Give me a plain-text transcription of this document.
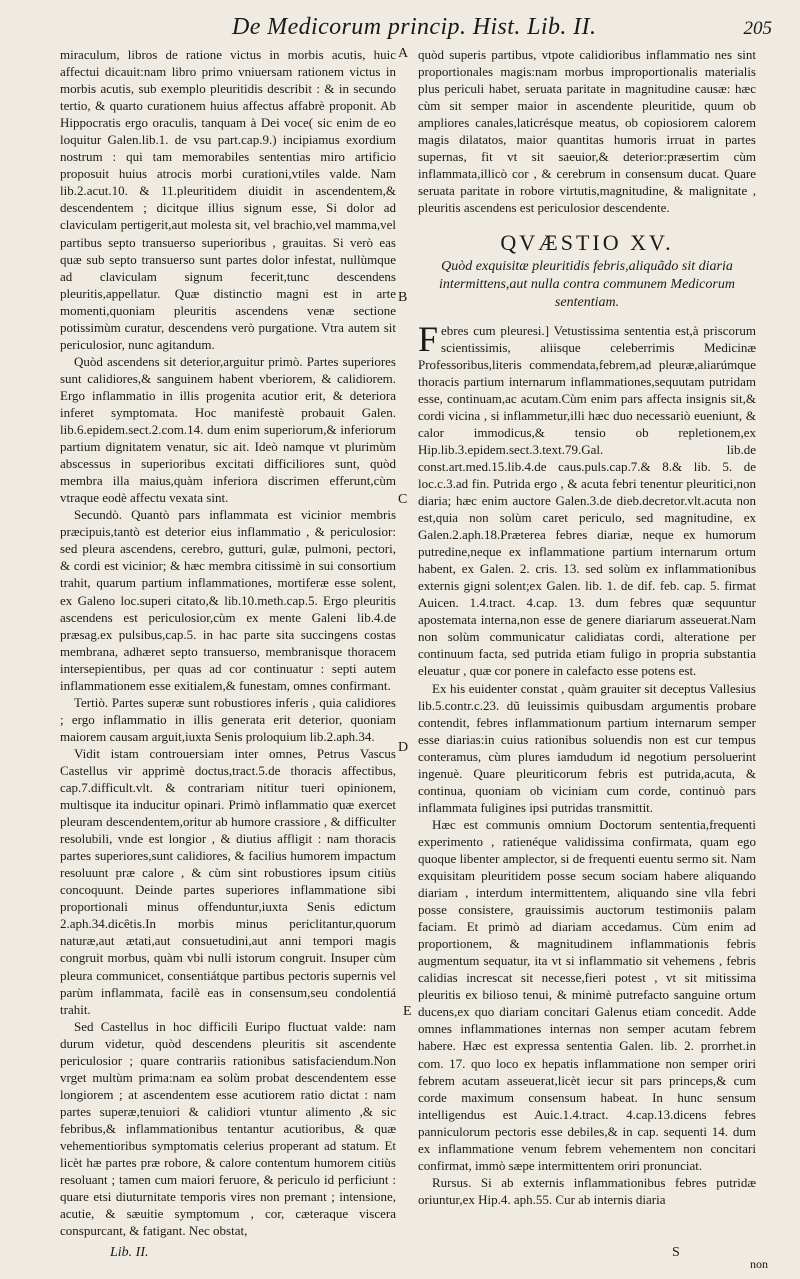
De Medicorum princip. Hist. Lib. II.	205
A
B
C
D
E

miraculum, libros de ratione victus in morbis acutis, huic affectui dicauit:nam libro primo vniuersam rationem victus in morbis acutis, sub exemplo pleuritidis describit : & in secundo tertio, & quarto curationem huius affectus affabrè proponit. Ab Hippocratis ergo oraculis, tanquam à Dei voce( sic enim de eo loquitur Galen.lib.1. de vsu part.cap.9.) incipiamus exordium nostrum : qui tam memorabiles sententias miro artificio proposuit huius atrocis morbi curationi,vtiles valde. Nam lib.2.acut.10. & 11.pleuritidem diuidit in ascendentem,& descendentem ; dicitque illius signum esse, Si dolor ad claviculam pertigerit,aut molesta sit, vel brachio,vel mamma,vel partibus septo transuerso superioribus , grauitas. Si verò eas quæ sub septo transuerso sunt partes dolor infestat, nullùmque ad claviculam signum fecerit,tunc descendens pleuritis,appellatur. Quæ distinctio magni est in arte momenti,quoniam pleuritis ascendens venæ sectione potissimùm curatur, descendens verò purgatione. Vtra autem sit periculosior, nunc agitandum.

Quòd ascendens sit deterior,arguitur primò. Partes superiores sunt calidiores,& sanguinem habent vberiorem, & calidiorem. Ergo inflammatio in illis progenita acutior erit, & deteriora inferet symptomata. Hoc manifestè probauit Galen. lib.6.epidem.sect.2.com.14. dum enim superiorum,& inferiorum partium dignitatem venatur, sic ait. Ideò namque vt plurimùm abscessus in superioribus excitati difficiliores sunt, quòd membra illa maius,quàm inferiora discrimen efferunt,cùm vtraque eodè affectu vexata sint.

Secundò. Quantò pars inflammata est vicinior membris præcipuis,tantò est deterior eius inflammatio , & periculosior: sed pleura ascendens, cerebro, gutturi, gulæ, pulmoni, pectori, & cordi est vicinior; & hæc membra citissimè in sui consortium trahit, quarum partium inflammationes, mortiferæ esse solent, ex Galeno loc.superi citato,& lib.10.meth.cap.5. Ergo pleuritis ascendens est periculosior,cùm ex mente Galeni lib.4.de præsag.ex pulsibus,cap.5. in hac parte sita succingens costas membrana, adhæret septo transuerso, membranisque thoracem intersepientibus, per quas ad cor continuatur : septi autem inflammationem esse exitialem,& funestam, omnes confirmant.

Tertiò. Partes superæ sunt robustiores inferis , quia calidiores ; ergo inflammatio in illis generata erit deterior, quoniam maiorem causam arguit,iuxta Senis proloquium lib.2.aph.34.

Vidit istam controuersiam inter omnes, Petrus Vascus Castellus vir apprimè doctus,tract.5.de thoracis affectibus, cap.7.difficult.vlt. & contrariam nititur tueri opinionem, multisque ita inducitur opinari. Primò inflammatio quæ exercet pleuram descendentem,oritur ab humore crassiore , & difficulter resolubili, vnde est longior , & diutius affligit : nam thoracis partes superiores,sunt calidiores, & facilius humorem impactum resoluunt præ calore , & cùm sint robustiores ipsum citiùs concoquunt. Deinde partes superiores inflammatione sibi proportionali minus offenduntur,iuxta Senis edictum 2.aph.34.dicêtis.In morbis minus periclitantur,quorum naturæ,aut ætati,aut consuetudini,aut anni tempori magis congruit morbus, quàm vbi nulli istorum congruit. Insuper cùm pleura communicet, consentiátque partibus pectoris supernis vel parùm inflammata, facilè eas in consensum,seu condolentiá trahit.

Sed Castellus in hoc difficili Euripo fluctuat valde: nam durum videtur, quòd descendens pleuritis sit ascendente periculosior ; quare contrariis rationibus satisfaciendum.Non vrget multùm prima:nam ea solùm probat descendentem esse longiorem ; at ascendentem esse acutiorem ratio dictat : nam partes superæ,tenuiori & calidiori vtuntur alimento ,& sic febribus,& inflammationibus tentantur acutioribus, & quæ vehementioribus symptomatis celerius properant ad statum. Et licèt hæ partes præ robore, & calore contentum humorem citiùs resoluant ; tamen cum maiori feruore, & periculo id perficiunt : quare etsi diuturnitate temporis vires non premant ; intensione, acutie, & sæuitie symptomum , cor, cæteraque viscera conspurcant, & fatigant. Nec obstat,

quòd superis partibus, vtpote calidioribus inflammatio nes sint proportionales magis:nam morbus improportionalis materialis plus periculi habet, seruata paritate in magnitudine causæ: hæc cùm sit semper maior in ascendente pleuritide, quum ob ampliores canales,laticrésque meatus, ob copiosiorem calorem magis dilatatos, maior quantitas humoris irruat in partes supernas, fit vt sit saeuior,& deterior:præsertim cùm inflammata,illicò cor , & cerebrum in consensum ducat. Quare seruata paritate in robore virtutis,magnitudine, & malignitate , pleuritis ascendens est periculosior descendente.

QVÆSTIO XV.
Quòd exquisitæ pleuritidis febris,aliquãdo sit diaria intermittens,aut nulla contra communem Medicorum sententiam.

Febres cum pleuresi.] Vetustissima sententia est,à priscorum scientissimis, aliisque celeberrimis Medicinæ Professoribus,literis commendata,febrem,ad pleuræ,aliarúmque thoracis partium internarum inflammationes,sequutam putridam esse, continuam,ac acutam.Cùm enim pars affecta insignis sit,& cordi vicina , si inflammetur,illi hæc duo necessariò eueniunt, & calor immodicus,& tensio ob repletionem,ex Hip.lib.3.epidem.sect.3.text.79.Gal. lib.de const.art.med.15.lib.4.de caus.puls.cap.7.& 8.& lib. 5. de loc.c.3.ad fin. Putrida ergo , & acuta febri tenentur pleuritici,non diaria; hæc enim auctore Galen.3.de dieb.decretor.vlt.acuta non est,quia non solùm caret periculo, sed magnitudine, ex Galen.2.aph.18.Præterea febres diariæ, neque ex humorum putredine,neque ex inflammatione partium internarum ortum habent, ex Galen. 2. cris. 13. sed solùm ex inflammationibus externis gigni solent;ex Galen. lib. 1. de dif. feb. cap. 5. firmat Auicen. 1.4.tract. 4.cap. 13. dum febres quæ sequuntur apostemata interna,non esse de genere diariarum asseuerat.Nam non solùm communicatur calidiatas cordi, alteratione per continuum facta, sed putrida etiam fuligo in propria substantia eleuatur , quæ cor ponere in calefacto esse potens est.

Ex his euidenter constat , quàm grauiter sit deceptus Vallesius lib.5.contr.c.23. dũ leuissimis quibusdam argumentis probare contendit, febres inflammationum partium internarum semper esse diarias:in cuius rationibus soluendis non est cur tempus conteramus, cùm plures iamdudum id negotium persoluerint ingenuè. Quare pleuriticorum febris est putrida,acuta, & continua, quoniam ob viciniam cum corde, continuò pars inflammata fuligines ipsi putridas transmittit.

Hæc est communis omnium Doctorum sententia,frequenti experimento , ratienéque validissima confirmata, quam ego quoque libenter amplector, si de frequenti euentu sermo sit. Nam exquisitam pleuritidem posse secum sociam habere aliquando diariam , interdum intermittentem, aliquando sine vlla febri posse consistere, grauissimis auctorum testimoniis palam faciam. Et primò ad diariam accedamus. Cùm enim ad proportionem, & magnitudinem inflammationis febris augmentum sequatur, ita vt si inflammatio sit vehemens , febris calidias increscat sit necesse,fieri potest , vt sit mitissima pleuritis ex bilioso tenui, & minimè putrefacto sanguine ortum ducens,ex quo diariam concitari Galenus etiam concedit. Adde omnes inflammationes internas non semper acutam febrem habere. Hæc est expressa sententia Galen. lib. 2. prorrhet.in com. 17. quo loco ex hepatis inflammatione non semper oriri febrem acutam asseuerat,licèt iecur sit pars princeps,& cum corde maximum consensum habeat. In hunc sensum intelligendus est Auic.1.4.tract. 4.cap.13.dicens febres panniculorum pectoris esse debiles,& in cap. sequenti 14. dum ex inflammatione venum febrem vehementem non concitari confirmat, immò sæpe intermittentem oriri pronunciat.

Rursus. Si ab externis inflammationibus febres putridæ oriuntur,ex Hip.4. aph.55. Cur ab internis diaria

Lib. II.	S
non
